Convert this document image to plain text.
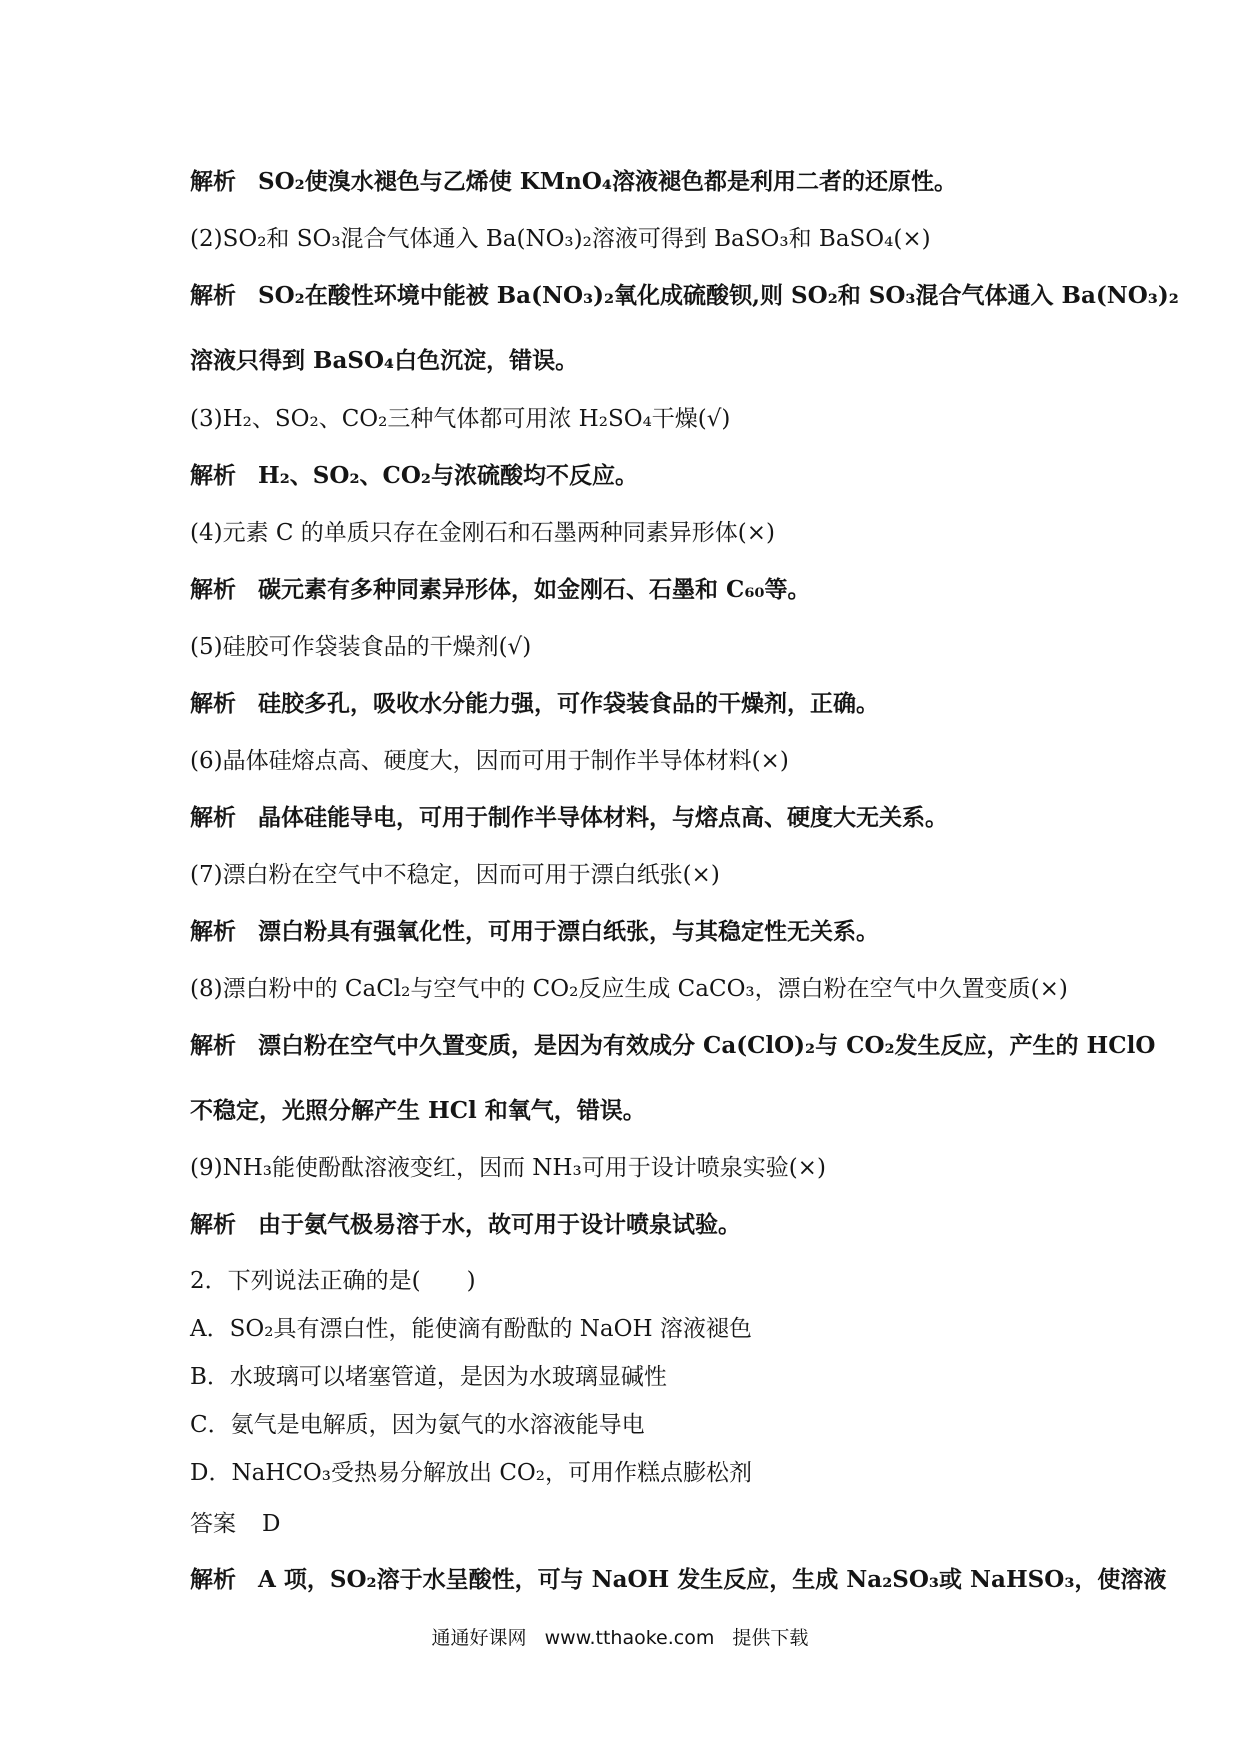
解析 SO₂使溴水褪色与乙烯使 KMnO₄溶液褪色都是利用二者的还原性。
(2)SO₂和 SO₃混合气体通入 Ba(NO₃)₂溶液可得到 BaSO₃和 BaSO₄(×)
解析 SO₂在酸性环境中能被 Ba(NO₃)₂氧化成硫酸钡,则 SO₂和 SO₃混合气体通入 Ba(NO₃)₂
溶液只得到 BaSO₄白色沉淀，错误。
(3)H₂、SO₂、CO₂三种气体都可用浓 H₂SO₄干燥(√)
解析 H₂、SO₂、CO₂与浓硫酸均不反应。
(4)元素 C 的单质只存在金刚石和石墨两种同素异形体(×)
解析 碳元素有多种同素异形体，如金刚石、石墨和 C₆₀等。
(5)硅胶可作袋装食品的干燥剂(√)
解析 硅胶多孔，吸收水分能力强，可作袋装食品的干燥剂，正确。
(6)晶体硅熔点高、硬度大，因而可用于制作半导体材料(×)
解析 晶体硅能导电，可用于制作半导体材料，与熔点高、硬度大无关系。
(7)漂白粉在空气中不稳定，因而可用于漂白纸张(×)
解析 漂白粉具有强氧化性，可用于漂白纸张，与其稳定性无关系。
(8)漂白粉中的 CaCl₂与空气中的 CO₂反应生成 CaCO₃，漂白粉在空气中久置变质(×)
解析 漂白粉在空气中久置变质，是因为有效成分 Ca(ClO)₂与 CO₂发生反应，产生的 HClO
不稳定，光照分解产生 HCl 和氧气，错误。
(9)NH₃能使酚酞溶液变红，因而 NH₃可用于设计喷泉实验(×)
解析 由于氨气极易溶于水，故可用于设计喷泉试验。
2．下列说法正确的是(　　)
A．SO₂具有漂白性，能使滴有酚酞的 NaOH 溶液褪色
B．水玻璃可以堵塞管道，是因为水玻璃显碱性
C．氨气是电解质，因为氨气的水溶液能导电
D．NaHCO₃受热易分解放出 CO₂，可用作糕点膨松剂
答案 D
解析 A 项，SO₂溶于水呈酸性，可与 NaOH 发生反应，生成 Na₂SO₃或 NaHSO₃，使溶液
通通好课网 www.tthaoke.com 提供下载
